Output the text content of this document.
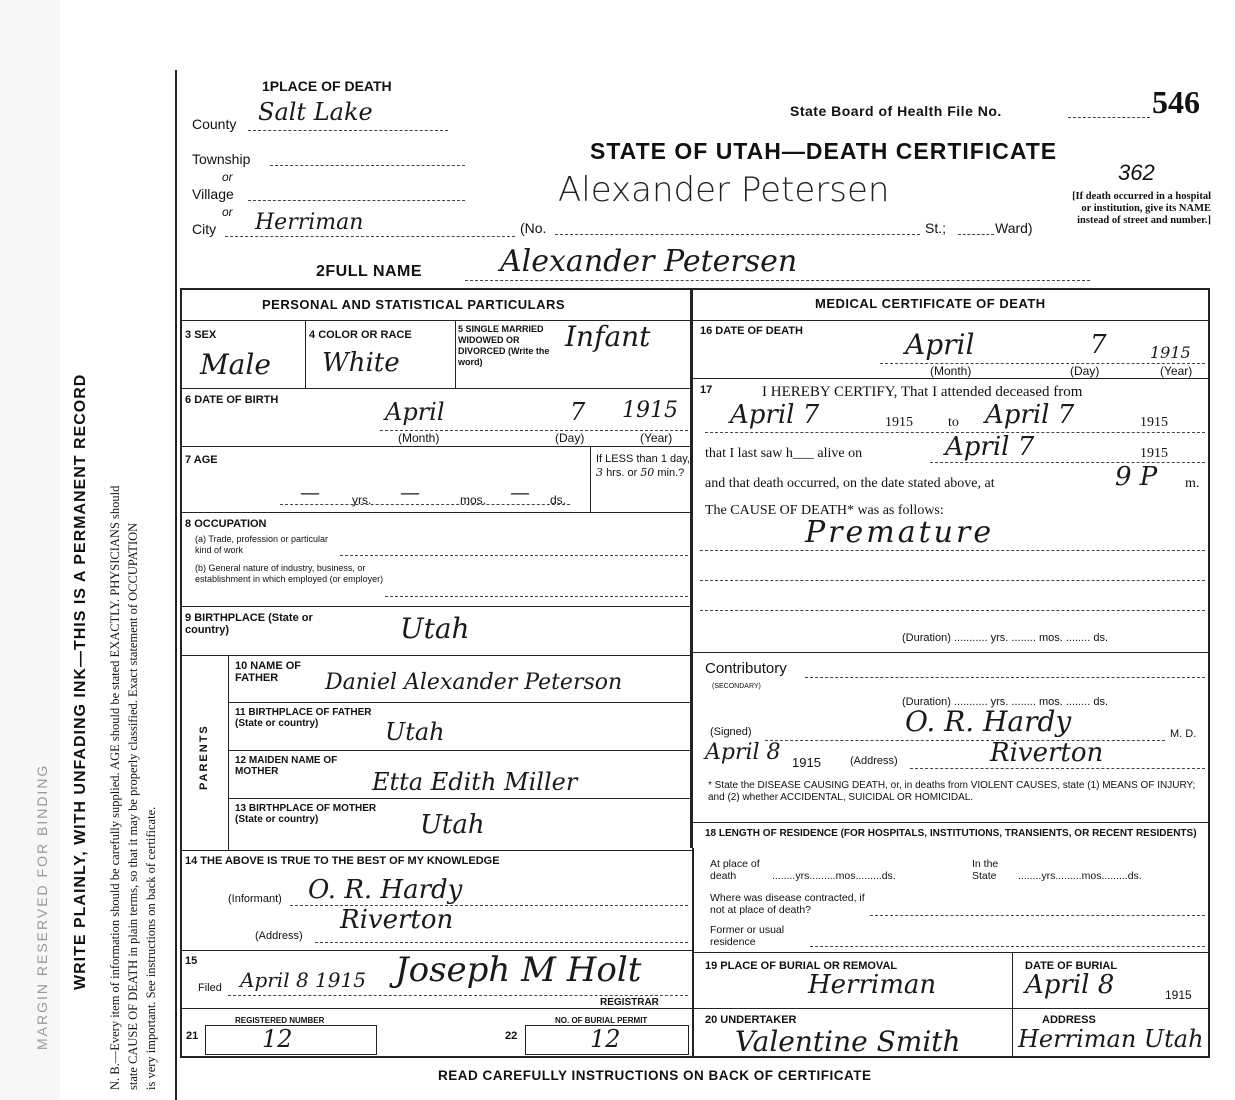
MARGIN RESERVED FOR BINDING WRITE PLAINLY, WITH UNFADING INK—THIS IS A PERMANENT RECORD N. B.—Every item of information should be carefully supplied. AGE should be stated EXACTLY. PHYSICIANS should state CAUSE OF DEATH in plain terms, so that it may be properly classified. Exact statement of OCCUPATION is very important. See instructions on back of certificate.
1PLACE OF DEATH
County Salt Lake
Township
or
Village
or
City Herriman	(No.	St.;	Ward)
State Board of Health File No.	546
STATE OF UTAH—DEATH CERTIFICATE
Alexander Petersen	362
[If death occurred in a hospital or institution, give its NAME instead of street and number.]
2FULL NAME	Alexander Petersen
PERSONAL AND STATISTICAL PARTICULARS
3 SEX
Male
4 COLOR OR RACE
White
5 SINGLE MARRIED WIDOWED OR DIVORCED (Write the word)
Infant
6 DATE OF BIRTH	April	7 1915
(Month)	(Day)	(Year)
7 AGE
—	yrs. —	mos. — ds.
If LESS than 1 day, 3 hrs. or 50 min.?
8 OCCUPATION
(a) Trade, profession or particular kind of work
(b) General nature of industry, business, or establishment in which employed (or employer)
9 BIRTHPLACE (State or country)	Utah
PARENTS
10 NAME OF FATHER	Daniel Alexander Peterson
11 BIRTHPLACE OF FATHER (State or country)	Utah
12 MAIDEN NAME OF MOTHER	Etta Edith Miller
13 BIRTHPLACE OF MOTHER (State or country)	Utah
14 THE ABOVE IS TRUE TO THE BEST OF MY KNOWLEDGE
(Informant) O. R. Hardy
(Address)
Riverton
15
Filed April 8 1915 Joseph M Holt
REGISTRAR
REGISTERED NUMBER
21	12
NO. OF BURIAL PERMIT
22	12
MEDICAL CERTIFICATE OF DEATH
16 DATE OF DEATH	April	7	1915
(Month)	(Day)	(Year)
17	I HEREBY CERTIFY, That I attended deceased from
April 7	1915	to April 7	1915
that I last saw h___ alive on	April 7	1915
and that death occurred, on the date stated above, at	9 P m.
The CAUSE OF DEATH* was as follows:
Premature
(Duration) ........... yrs. ........ mos. ........ ds.
Contributory
(SECONDARY)
(Duration) ........... yrs. ........ mos. ........ ds.
(Signed)	O. R. Hardy	M. D.
April 8 1915	(Address)	Riverton
* State the DISEASE CAUSING DEATH, or, in deaths from VIOLENT CAUSES, state (1) MEANS OF INJURY; and (2) whether ACCIDENTAL, SUICIDAL OR HOMICIDAL.
18 LENGTH OF RESIDENCE (FOR HOSPITALS, INSTITUTIONS, TRANSIENTS, OR RECENT RESIDENTS)
At place of death	........yrs.........mos.........ds.
In the State	........yrs.........mos.........ds.
Where was disease contracted, if not at place of death?
Former or usual residence
19 PLACE OF BURIAL OR REMOVAL
Herriman
DATE OF BURIAL
April 8	1915
20 UNDERTAKER
Valentine Smith
ADDRESS
Herriman Utah
READ CAREFULLY INSTRUCTIONS ON BACK OF CERTIFICATE
